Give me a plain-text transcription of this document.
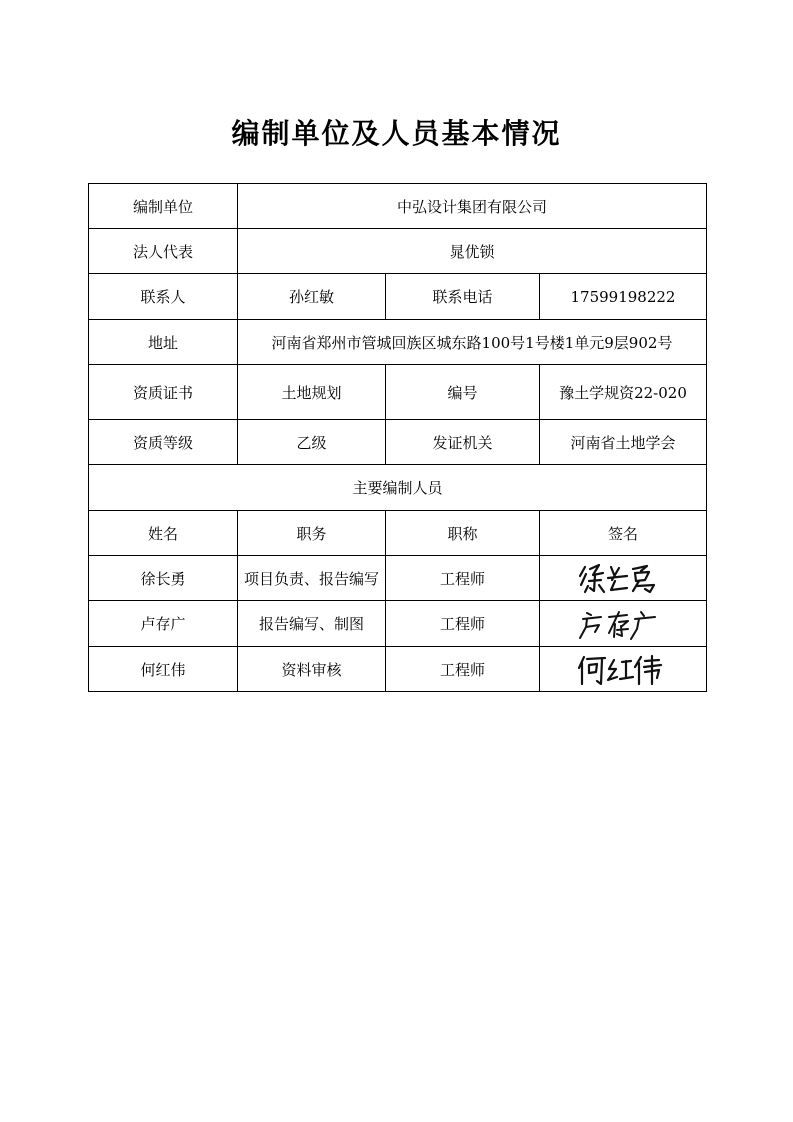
编制单位及人员基本情况
编制单位	中弘设计集团有限公司		
法人代表	晁优锁		
联系人	孙红敏	联系电话	17599198222
地址	河南省郑州市管城回族区城东路100号1号楼1单元9层902号		
资质证书	土地规划	编号	豫土学规资22-020
资质等级	乙级	发证机关	河南省土地学会
主要编制人员			
姓名	职务	职称	签名
徐长勇	项目负责、报告编写	工程师	

卢存广	报告编写、制图	工程师	

何红伟	资料审核	工程师	
